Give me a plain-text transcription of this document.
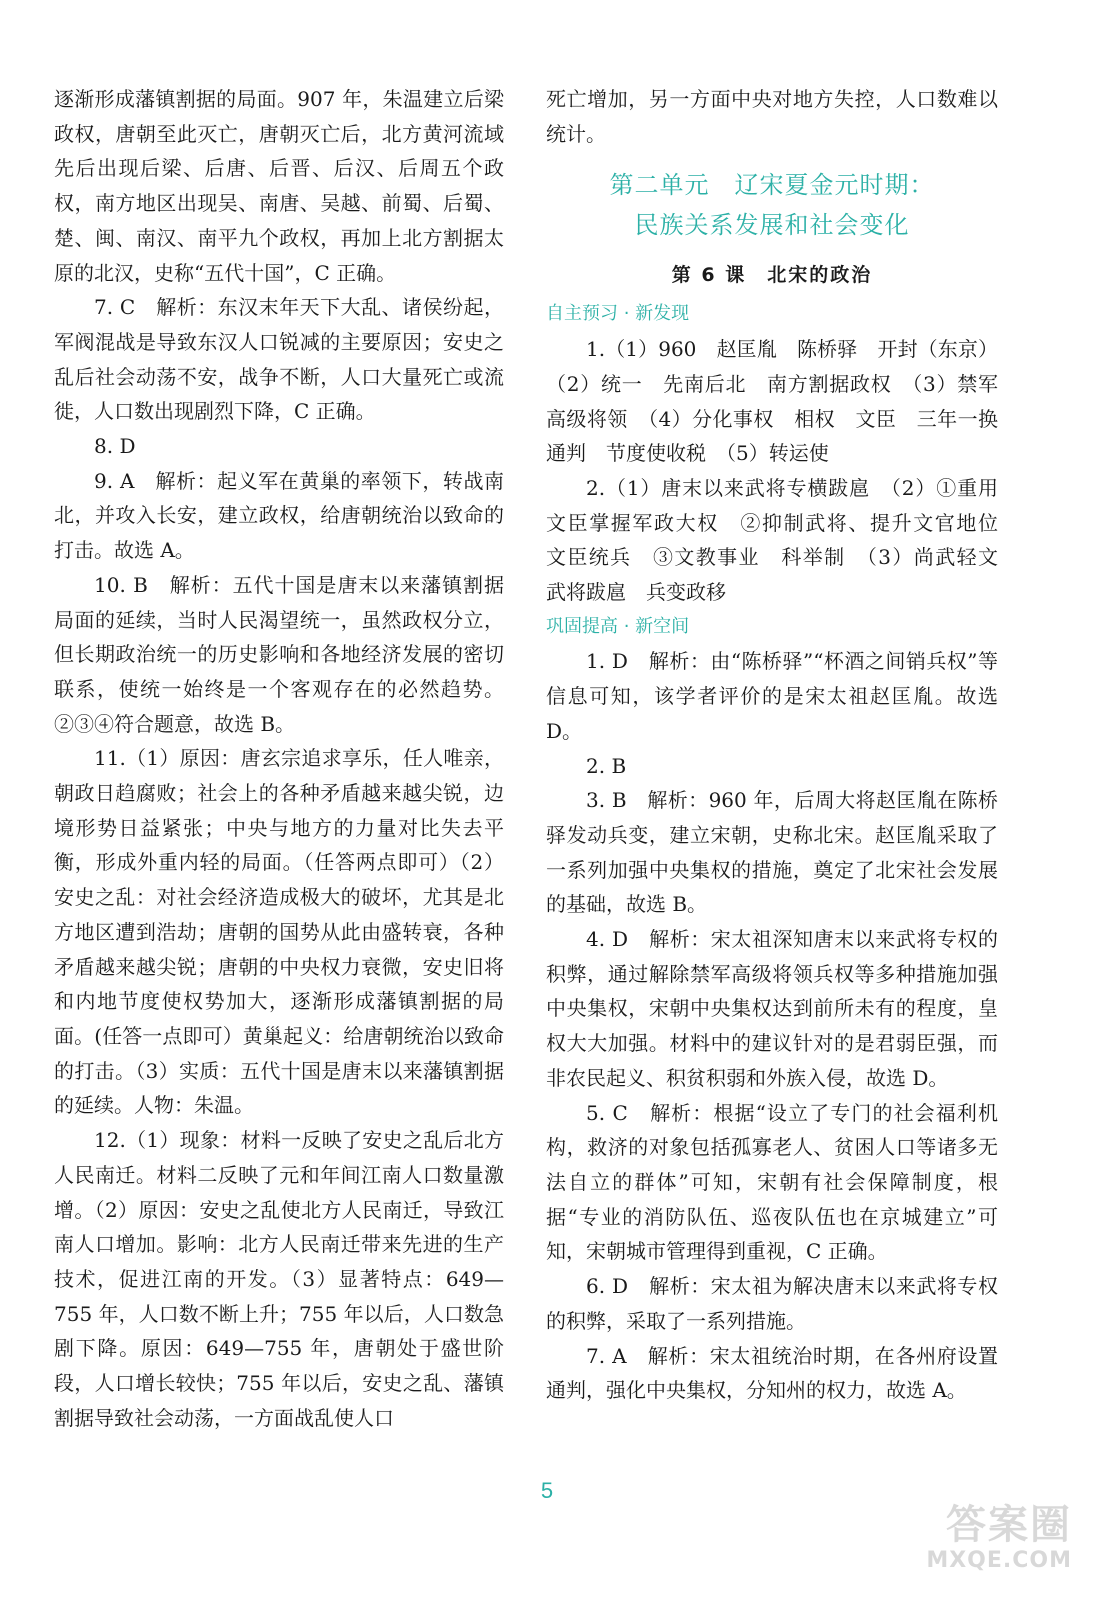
逐渐形成藩镇割据的局面。907 年，朱温建立后梁政权，唐朝至此灭亡，唐朝灭亡后，北方黄河流域先后出现后梁、后唐、后晋、后汉、后周五个政权，南方地区出现吴、南唐、吴越、前蜀、后蜀、楚、闽、南汉、南平九个政权，再加上北方割据太原的北汉，史称“五代十国”，C 正确。

7. C　解析：东汉末年天下大乱、诸侯纷起，军阀混战是导致东汉人口锐减的主要原因；安史之乱后社会动荡不安，战争不断，人口大量死亡或流徙，人口数出现剧烈下降，C 正确。

8. D

9. A　解析：起义军在黄巢的率领下，转战南北，并攻入长安，建立政权，给唐朝统治以致命的打击。故选 A。

10. B　解析：五代十国是唐末以来藩镇割据局面的延续，当时人民渴望统一，虽然政权分立，但长期政治统一的历史影响和各地经济发展的密切联系，使统一始终是一个客观存在的必然趋势。②③④符合题意，故选 B。

11.（1）原因：唐玄宗追求享乐，任人唯亲，朝政日趋腐败；社会上的各种矛盾越来越尖锐，边境形势日益紧张；中央与地方的力量对比失去平衡，形成外重内轻的局面。（任答两点即可）（2）安史之乱：对社会经济造成极大的破坏，尤其是北方地区遭到浩劫；唐朝的国势从此由盛转衰，各种矛盾越来越尖锐；唐朝的中央权力衰微，安史旧将和内地节度使权势加大，逐渐形成藩镇割据的局面。(任答一点即可）黄巢起义：给唐朝统治以致命的打击。（3）实质：五代十国是唐末以来藩镇割据的延续。人物：朱温。

12.（1）现象：材料一反映了安史之乱后北方人民南迁。材料二反映了元和年间江南人口数量激增。（2）原因：安史之乱使北方人民南迁，导致江南人口增加。影响：北方人民南迁带来先进的生产技术，促进江南的开发。（3）显著特点：649—755 年，人口数不断上升；755 年以后，人口数急剧下降。原因：649—755 年，唐朝处于盛世阶段，人口增长较快；755 年以后，安史之乱、藩镇割据导致社会动荡，一方面战乱使人口

死亡增加，另一方面中央对地方失控，人口数难以统计。

第二单元　辽宋夏金元时期：
民族关系发展和社会变化
第 6 课　北宋的政治
自主预习 · 新发现

1.（1）960　赵匡胤　陈桥驿　开封（东京）（2）统一　先南后北　南方割据政权　（3）禁军高级将领　（4）分化事权　相权　文臣　三年一换　通判　节度使收税　（5）转运使

2.（1）唐末以来武将专横跋扈　（2）①重用文臣掌握军政大权　②抑制武将、提升文官地位　文臣统兵　③文教事业　科举制　（3）尚武轻文　武将跋扈　兵变政移

巩固提高 · 新空间

1. D　解析：由“陈桥驿”“杯酒之间销兵权”等信息可知，该学者评价的是宋太祖赵匡胤。故选 D。

2. B

3. B　解析：960 年，后周大将赵匡胤在陈桥驿发动兵变，建立宋朝，史称北宋。赵匡胤采取了一系列加强中央集权的措施，奠定了北宋社会发展的基础，故选 B。

4. D　解析：宋太祖深知唐末以来武将专权的积弊，通过解除禁军高级将领兵权等多种措施加强中央集权，宋朝中央集权达到前所未有的程度，皇权大大加强。材料中的建议针对的是君弱臣强，而非农民起义、积贫积弱和外族入侵，故选 D。

5. C　解析：根据“设立了专门的社会福利机构，救济的对象包括孤寡老人、贫困人口等诸多无法自立的群体”可知，宋朝有社会保障制度，根据“专业的消防队伍、巡夜队伍也在京城建立”可知，宋朝城市管理得到重视，C 正确。

6. D　解析：宋太祖为解决唐末以来武将专权的积弊，采取了一系列措施。

7. A　解析：宋太祖统治时期，在各州府设置通判，强化中央集权，分知州的权力，故选 A。

5
答案圈
MXQE.COM
